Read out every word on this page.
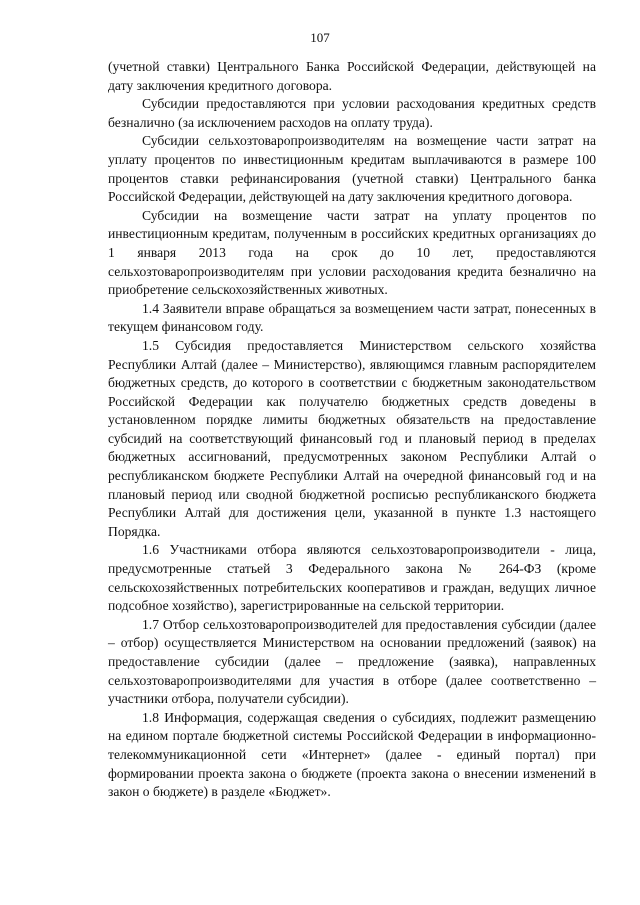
107

(учетной ставки) Центрального Банка Российской Федерации, действующей на дату заключения кредитного договора.

Субсидии предоставляются при условии расходования кредитных средств безналично (за исключением расходов на оплату труда).

Субсидии сельхозтоваропроизводителям на возмещение части затрат на уплату процентов по инвестиционным кредитам выплачиваются в размере 100 процентов ставки рефинансирования (учетной ставки) Центрального банка Российской Федерации, действующей на дату заключения кредитного договора.

Субсидии на возмещение части затрат на уплату процентов по инвестиционным кредитам, полученным в российских кредитных организациях до 1 января 2013 года на срок до 10 лет, предоставляются сельхозтоваропроизводителям при условии расходования кредита безналично на приобретение сельскохозяйственных животных.

1.4 Заявители вправе обращаться за возмещением части затрат, понесенных в текущем финансовом году.

1.5 Субсидия предоставляется Министерством сельского хозяйства Республики Алтай (далее – Министерство), являющимся главным распорядителем бюджетных средств, до которого в соответствии с бюджетным законодательством Российской Федерации как получателю бюджетных средств доведены в установленном порядке лимиты бюджетных обязательств на предоставление субсидий на соответствующий финансовый год и плановый период в пределах бюджетных ассигнований, предусмотренных законом Республики Алтай о республиканском бюджете Республики Алтай на очередной финансовый год и на плановый период или сводной бюджетной росписью республиканского бюджета Республики Алтай для достижения цели, указанной в пункте 1.3 настоящего Порядка.

1.6 Участниками отбора являются сельхозтоваропроизводители - лица, предусмотренные статьей 3 Федерального закона № 264-ФЗ (кроме сельскохозяйственных потребительских кооперативов и граждан, ведущих личное подсобное хозяйство), зарегистрированные на сельской территории.

1.7 Отбор сельхозтоваропроизводителей для предоставления субсидии (далее – отбор) осуществляется Министерством на основании предложений (заявок) на предоставление субсидии (далее – предложение (заявка), направленных сельхозтоваропроизводителями для участия в отборе (далее соответственно – участники отбора, получатели субсидии).

1.8 Информация, содержащая сведения о субсидиях, подлежит размещению на едином портале бюджетной системы Российской Федерации в информационно-телекоммуникационной сети «Интернет» (далее - единый портал) при формировании проекта закона о бюджете (проекта закона о внесении изменений в закон о бюджете) в разделе «Бюджет».
